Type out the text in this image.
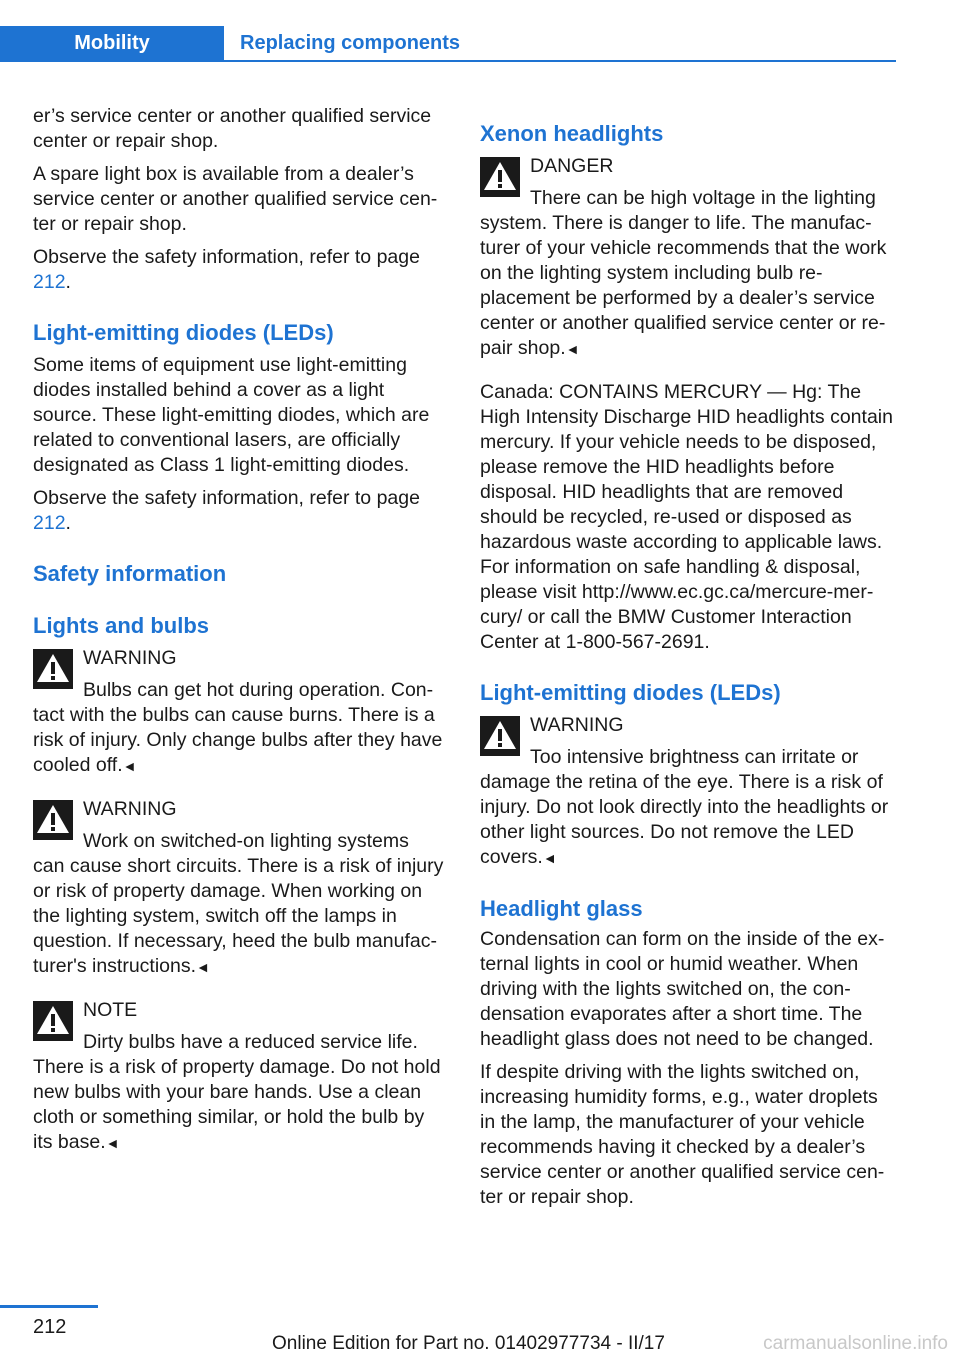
Mobility	Replacing components

er’s service center or another qualified service center or repair shop.

A spare light box is available from a dealer’s service center or another qualified service center or repair shop.

Observe the safety information, refer to page 212.

Light-emitting diodes (LEDs)

Some items of equipment use light-emitting diodes installed behind a cover as a light source. These light-emitting diodes, which are related to conventional lasers, are officially designated as Class 1 light-emitting diodes.

Observe the safety information, refer to page 212.

Safety information
Lights and bulbs
WARNING
Bulbs can get hot during operation. Con-
tact with the bulbs can cause burns. There is a risk of injury. Only change bulbs after they have cooled off.◄
WARNING
Work on switched-on lighting systems
can cause short circuits. There is a risk of injury or risk of property damage. When working on the lighting system, switch off the lamps in question. If necessary, heed the bulb manufacturer's instructions.◄
NOTE
Dirty bulbs have a reduced service life.
There is a risk of property damage. Do not hold new bulbs with your bare hands. Use a clean cloth or something similar, or hold the bulb by its base.◄
Xenon headlights
DANGER
There can be high voltage in the lighting
system. There is danger to life. The manufacturer of your vehicle recommends that the work on the lighting system including bulb replacement be performed by a dealer’s service center or another qualified service center or repair shop.◄

Canada: CONTAINS MERCURY — Hg: The High Intensity Discharge HID headlights contain mercury. If your vehicle needs to be disposed, please remove the HID headlights before disposal. HID headlights that are removed should be recycled, re-used or disposed as hazardous waste according to applicable laws. For information on safe handling & disposal, please visit http://www.ec.gc.ca/mercure-mercury/ or call the BMW Customer Interaction Center at 1-800-567-2691.

Light-emitting diodes (LEDs)
WARNING
Too intensive brightness can irritate or
damage the retina of the eye. There is a risk of injury. Do not look directly into the headlights or other light sources. Do not remove the LED covers.◄
Headlight glass

Condensation can form on the inside of the external lights in cool or humid weather. When driving with the lights switched on, the condensation evaporates after a short time. The headlight glass does not need to be changed.

If despite driving with the lights switched on, increasing humidity forms, e.g., water droplets in the lamp, the manufacturer of your vehicle recommends having it checked by a dealer’s service center or another qualified service center or repair shop.

212
Online Edition for Part no. 01402977734 - II/17	carmanualsonline.info
